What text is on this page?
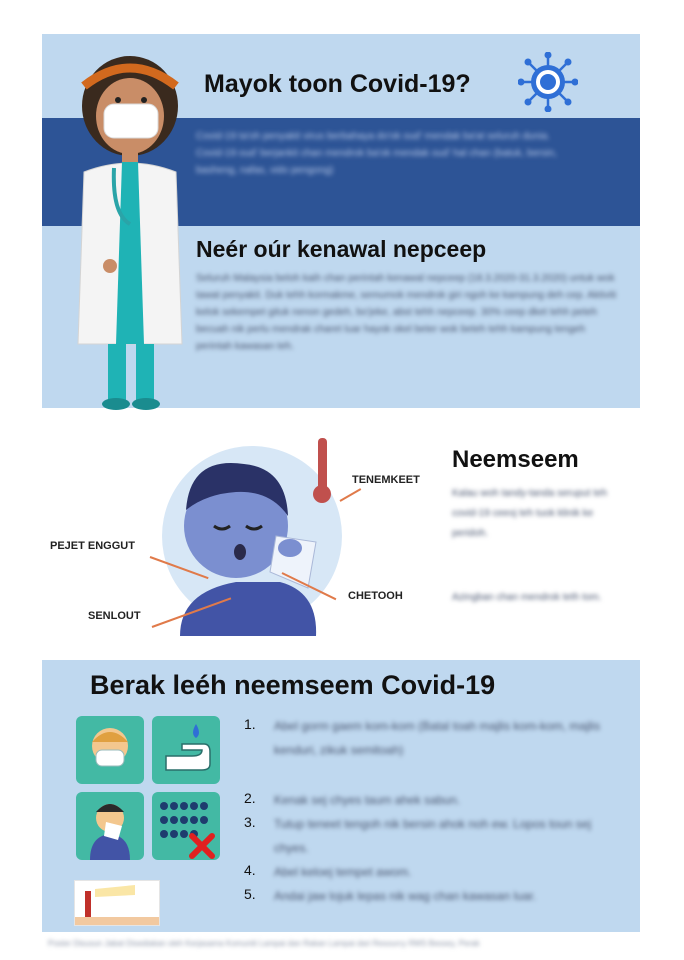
Mayok toon Covid-19?
Covid-19 ta'oh penyakit virus berbahaya do'ok oud' mendak ba'at seluruh dunia. Covid-19 oud' berjankit chan mendrok ba'ok mendak oud' hal chan (batuk, bersin, basheng, nafas, vido pengong)
Neér oúr kenawal nepceep
Seluruh Malaysia beloh kaih chan perintah kenawal nepceep (18.3.2020-31.3.2020) untuk wok tawat penyakit. Duk tehh kormakme, semumok mendrok giri ngoh ke kampung deh cep. Aktiviti kelok sekempet gituk nenon gedeh, bo'jeke, abst tehh nepceep. 30% ceep dket tehh peteh becuah nik perlu mendrak charet luar hayok okel beter wok beteh tehh kampung tengeh perintah kawasan teh.
TENEMKEET
PEJET ENGGUT
CHETOOH
SENLOUT
Neemseem
Kalau woh tandy-tanda seruput teh covid-19 ceeoj teh tuok klinik ke peridoh.
Azingban chan mendrok teth tom.
Berak leéh neemseem Covid-19
1. Abel gorm gaem kom-kom (Batal toah majlis kom-kom, majlis kenduri, zikuk semitoah)
2. Kenak sej chyes taum ahek sabun.
3. Tutup teneet tengoh nik bersin ahok noh ew. Lopos toun sej chyes.
4. Abel keloej tempet awom.
5. Andai jaw lojuk lepas nik wag chan kawasan luar.
Poster Disusun Jabat Disediakan oleh Kerjasama Komuniti Lampai dan Rakan Lampai dari Resourcy RMS Bessey, Perak
